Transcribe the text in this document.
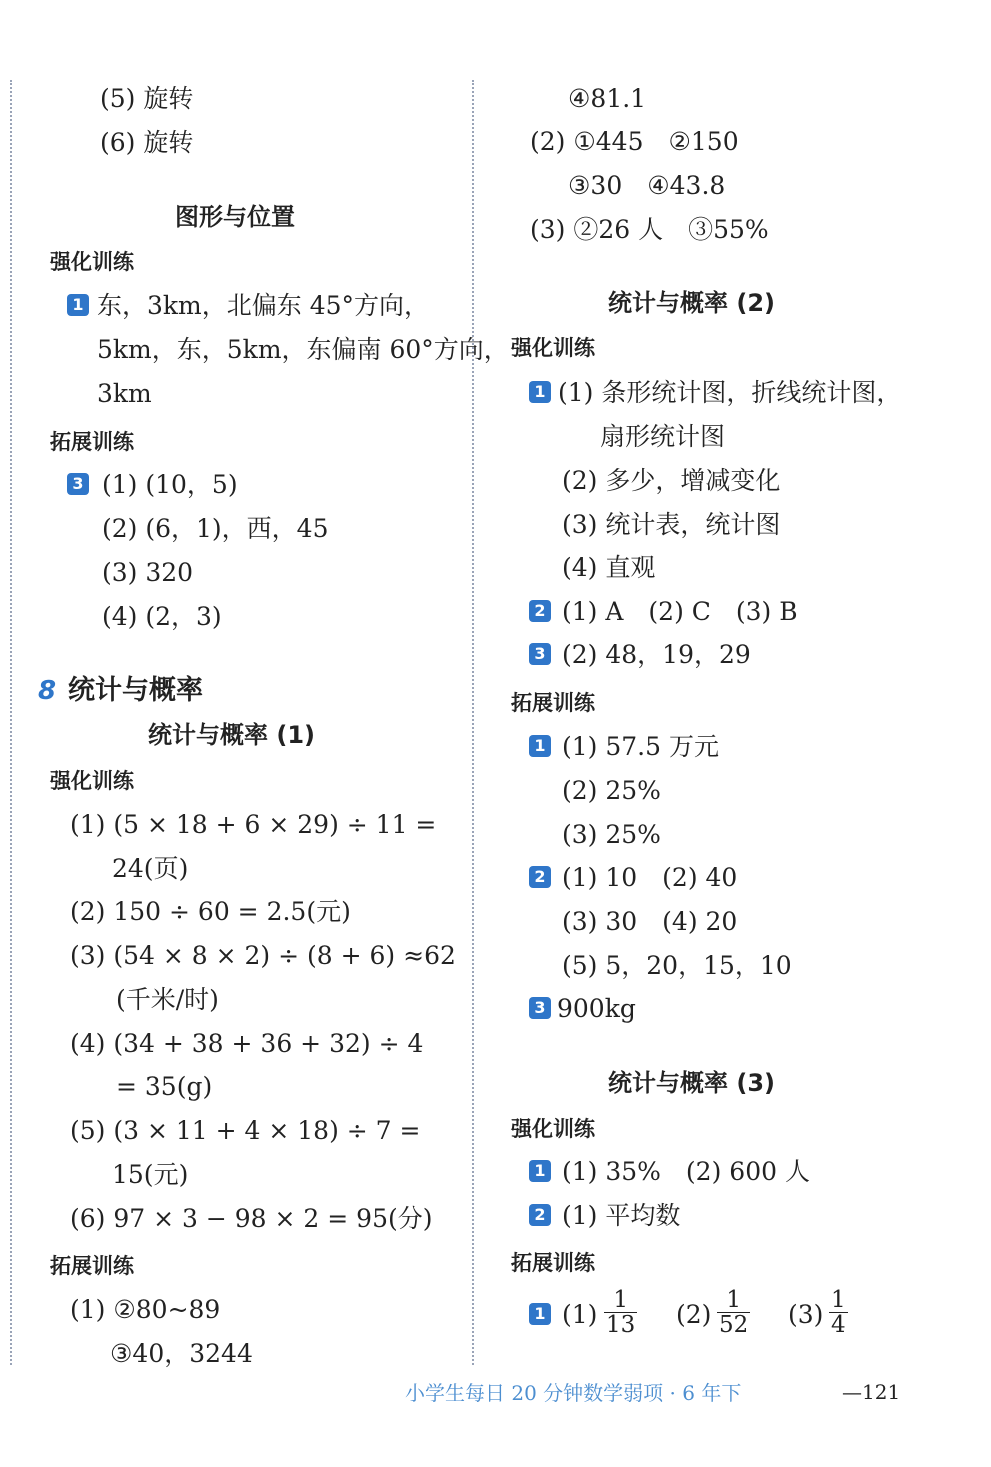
(5) 旋转
(6) 旋转
图形与位置
强化训练
1 东，3km，北偏东 45°方向，
5km，东，5km，东偏南 60°方向，
3km
拓展训练
3 (1) (10，5)
(2) (6，1)，西，45
(3) 320
(4) (2，3)
8 统计与概率
统计与概率 (1)
强化训练
(1) (5 × 18 + 6 × 29) ÷ 11 =
24(页)
(2) 150 ÷ 60 = 2.5(元)
(3) (54 × 8 × 2) ÷ (8 + 6) ≈62
(千米/时)
(4) (34 + 38 + 36 + 32) ÷ 4
= 35(g)
(5) (3 × 11 + 4 × 18) ÷ 7 =
15(元)
(6) 97 × 3 − 98 × 2 = 95(分)
拓展训练
(1) ②80~89
③40，3244
④81.1
(2) ①445　②150
③30　④43.8
(3) ②26 人　③55%
统计与概率 (2)
强化训练
1 (1) 条形统计图，折线统计图，
扇形统计图
(2) 多少，增减变化
(3) 统计表，统计图
(4) 直观
2 (1) A　(2) C　(3) B
3 (2) 48，19，29
拓展训练
1 (1) 57.5 万元
(2) 25%
(3) 25%
2 (1) 10　(2) 40
(3) 30　(4) 20
(5) 5，20，15，10
3 900kg
统计与概率 (3)
强化训练
1 (1) 35%　(2) 600 人
2 (1) 平均数
拓展训练
1 (1) 1
13 (2) 1
52 (3) 1
4
小学生每日 20 分钟数学弱项 · 6 年下	—121
